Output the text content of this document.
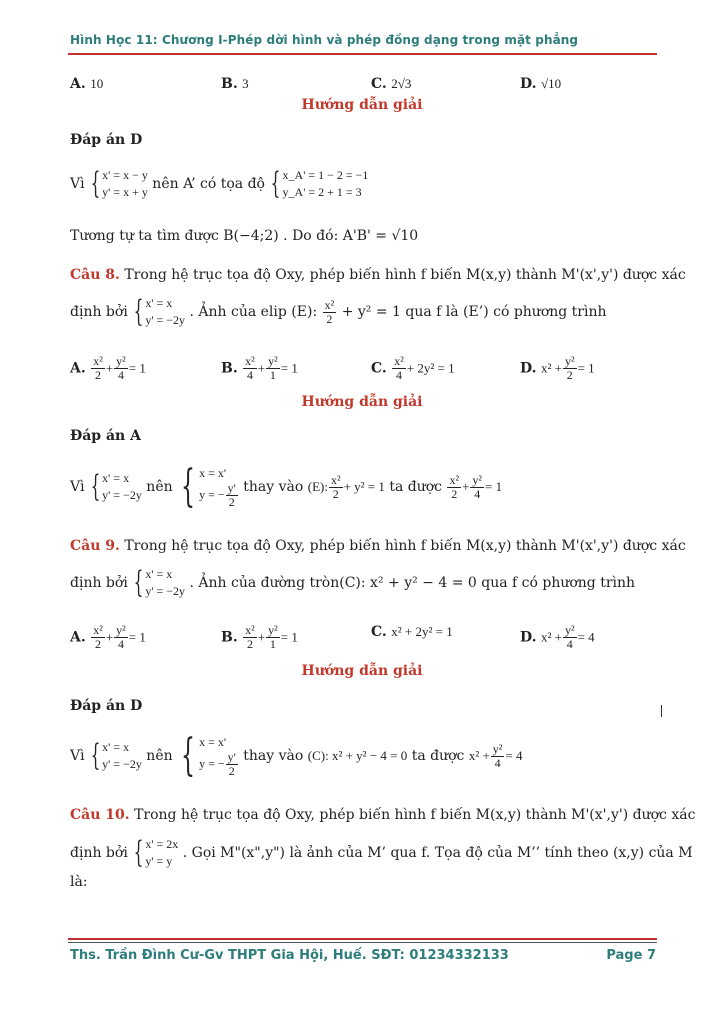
Hình Học 11: Chương I-Phép dời hình và phép đồng dạng trong mặt phẳng
A. 10	B. 3	C. 2√3	D. √10
Hướng dẫn giải
Đáp án D
Vì { x' = x − y
y' = x + y nên A’ có tọa độ { x_A' = 1 − 2 = −1
y_A' = 2 + 1 = 3
Tương tự ta tìm được B(−4;2) . Do đó: A'B' = √10
Câu 8. Trong hệ trục tọa độ Oxy, phép biến hình f biến M(x,y) thành M'(x',y') được xác
định bởi { x' = x
y' = −2y . Ảnh của elip (E): $\frac{\text{x²}}{2} + y^2 = 1$ qua f là (E’) có phương trình
A. $\frac{\text{x²}}{2} + \frac{\text{y²}}{4} = 1$	B. $\frac{\text{x²}}{4} + \frac{\text{y²}}{1} = 1$	C. $\frac{\text{x²}}{4} + 2y^2 = 1$	D. $x^2 + \frac{\text{y²}}{2} = 1$
Hướng dẫn giải
Đáp án A
Vì { x' = x
y' = −2y nên { x = x'
y = − $\frac{y'}{2}$ thay vào (E): $\frac{\text{x²}}{2} + y^2 = 1$ ta được $\frac{\text{x²}}{2} + \frac{\text{y²}}{4} = 1$
Câu 9. Trong hệ trục tọa độ Oxy, phép biến hình f biến M(x,y) thành M'(x',y') được xác
định bởi { x' = x
y' = −2y . Ảnh của đường tròn(C): x² + y² − 4 = 0 qua f có phương trình
A. $\frac{\text{x²}}{2} + \frac{\text{y²}}{4} = 1$	B. $\frac{\text{x²}}{2} + \frac{\text{y²}}{1} = 1$	C. x² + 2y² = 1	D. $x^2 + \frac{\text{y²}}{4} = 4$
Hướng dẫn giải
Đáp án D
Vì { x' = x
y' = −2y nên { x = x'
y = − $\frac{y'}{2}$ thay vào (C): x² + y² − 4 = 0 ta được $x^2 + \frac{\text{y²}}{4} = 4$
Câu 10. Trong hệ trục tọa độ Oxy, phép biến hình f biến M(x,y) thành M'(x',y') được xác
định bởi { x' = 2x
y' = y . Gọi M"(x",y") là ảnh của M’ qua f. Tọa độ của M’’ tính theo (x,y) của M
là:
Ths. Trần Đình Cư-Gv THPT Gia Hội, Huế. SĐT: 01234332133	Page 7
